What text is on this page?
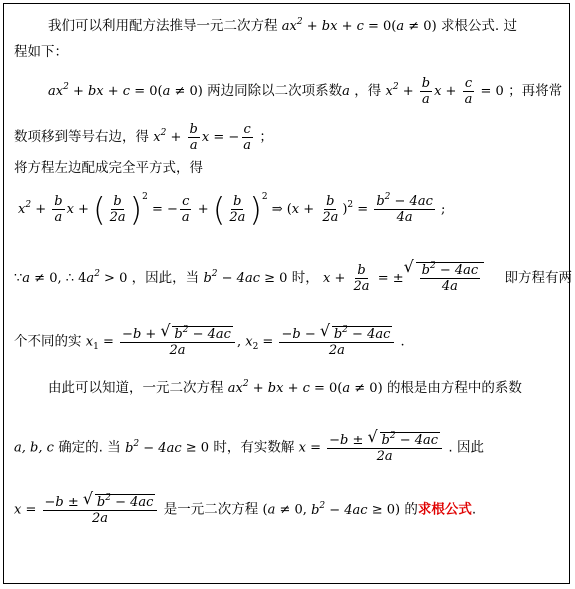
我们可以利用配方法推导一元二次方程 $ax^2$ + bx + c = 0(a ≠ 0) 求根公式. 过
程如下：
$ax^2$ + bx + c = 0(a ≠ 0) 两边同除以二次项系数a ，得 $x^2 + \frac{b}{a}$ $x + \frac{c}{a} = 0$ ；再将常
数项移到等号右边，得 $x^2 + \frac{b}{a}$ x = − $\frac{c}{a}$ ；
将方程左边配成完全平方式，得
$x^2 + \frac{b}{a}$ x + ( $\frac{b}{2a} )^2$ = − $\frac{c}{a}$ + ( $\frac{b}{2a} )^2$ ⇒ $(x + \frac{b}{2a} )^2 = \frac{b^2 - 4ac}{4a}$ ;
∵a ≠ 0, ∴ $4a^2 > 0$ ，因此，当 $b^2 - 4ac \ge 0$ 时， $x + \frac{b}{2a}$ = ±
√ $\frac{b^2 - 4ac}{4a}$ 即方程有两
个不同的实 $x_1 = \frac{-b + √ b^2 - 4ac}{2a}$ , $x_2 = \frac{-b - √ b^2 - 4ac}{2a}$ .
由此可以知道，一元二次方程 $ax^2$ + bx + c = 0(a ≠ 0) 的根是由方程中的系数
a, b, c 确定的. 当 $b^2 - 4ac \ge 0$ 时，有实数解 $x = \frac{-b \pm √ b^2 - 4ac}{2a}$ . 因此
$x = \frac{-b \pm √ b^2 - 4ac}{2a}$ 是一元二次方程 (a ≠ 0, $b^2 - 4ac \ge 0$) 的求根公式.
